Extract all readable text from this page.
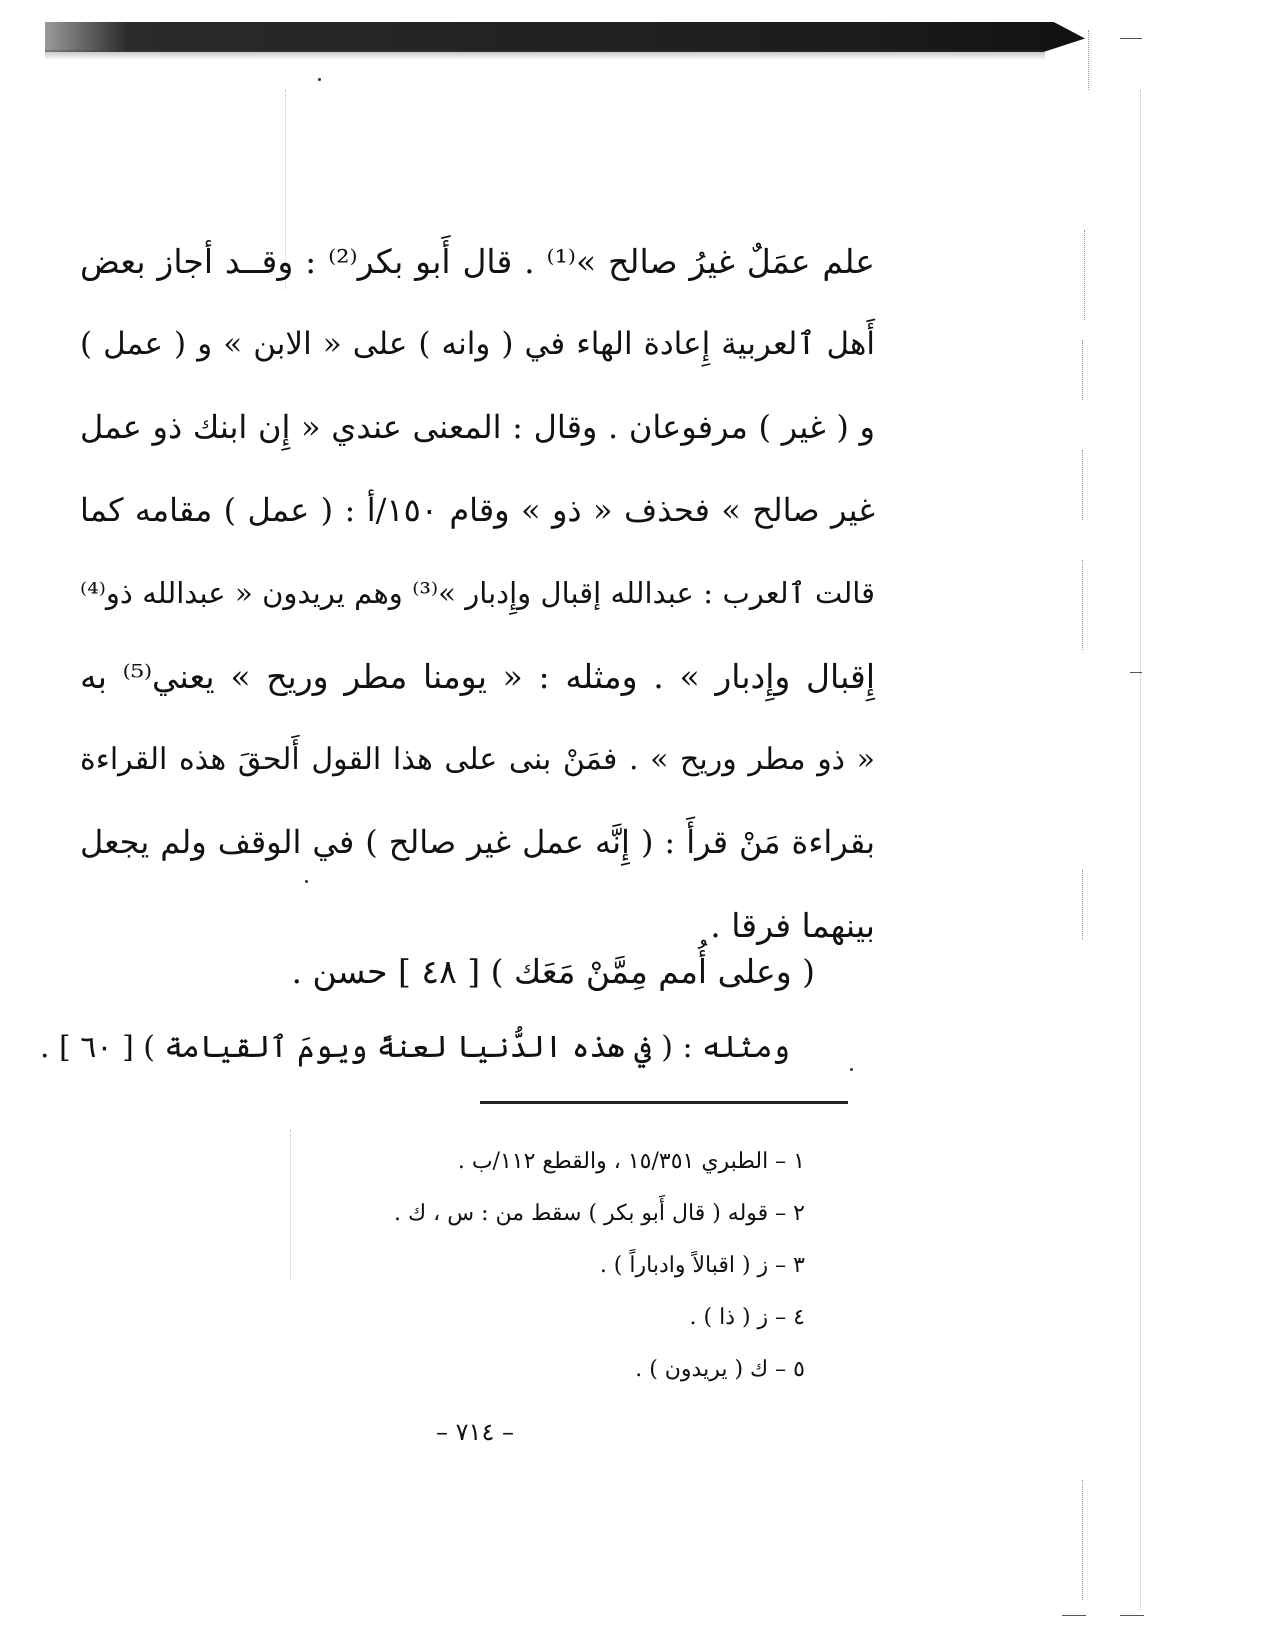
علم عمَلٌ غيرُ صالح »⁽¹⁾ . قال أَبو بكر⁽²⁾ : وقــد أجاز بعض
أَهل ٱلعربية إِعادة الهاء في ( وانه ) على « الابن » و ( عمل )
و ( غير ) مرفوعان . وقال : المعنى عندي « إِن ابنك ذو عمل
غير صالح » فحذف « ذو » وقام ١٥٠/أ : ( عمل ) مقامه كما
قالت ٱلعرب : عبدالله إقبال وإِدبار »⁽³⁾ وهم يريدون « عبدالله ذو⁽⁴⁾
إِقبال وإِدبار » . ومثله : « يومنا مطر وريح » يعني⁽⁵⁾ به
« ذو مطر وريح » . فمَنْ بنى على هذا القول أَلحقَ هذه القراءة
بقراءة مَنْ قرأَ : ( إِنَّه عمل غير صالح ) في الوقف ولم يجعل
بينهما فرقا .
( وعلى أُمم مِمَّنْ مَعَك ) [ ٤٨ ] حسن .
ومثله : ( في هذه الدُّنيا لعنةً ويومَ ٱلقيامة ) [ ٦٠ ] .
١ – الطبري ١٥/٣٥١ ، والقطع ١١٢/ب .
٢ – قوله ( قال أَبو بكر ) سقط من : س ، ك .
٣ – ز ( اقبالاً وادباراً ) .
٤ – ز ( ذا ) .
٥ – ك ( يريدون ) .
– ٧١٤ –
